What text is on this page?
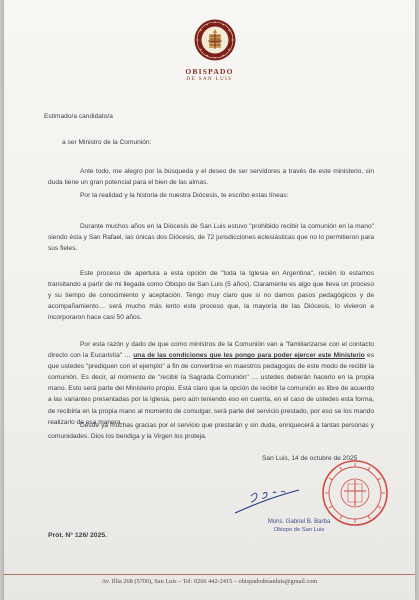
OBISPADO
DE SAN LUIS
Estimado/a candidato/a
a ser Ministro de la Comunión:
Ante todo, me alegro por la búsqueda y el deseo de ser servidores a través de este ministerio, sin duda tiene un gran potencial para el bien de las almas.
Por la realidad y la historia de nuestra Diócesis, te escribo estas líneas:
Durante muchos años en la Diócesis de San Luis estuvo "prohibido recibir la comunión en la mano" siendo ésta y San Rafael, las únicas dos Diócesis, de 72 jurisdicciones eclesiásticas que no lo permitieron para sus fieles.
Este proceso de apertura a esta opción de "toda la Iglesia en Argentina", recién lo estamos transitando a partir de mi llegada como Obispo de San Luis (5 años). Claramente es algo que lleva un proceso y su tiempo de conocimiento y aceptación. Tengo muy claro que si no damos pasos pedagógicos y de acompañamiento… será mucho más lento este proceso que, la mayoría de las Diócesis, lo vivieron e incorporaron hace casi 50 años.
Por esta razón y dado de que como ministros de la Comunión van a "familiarizarse con el contacto directo con la Eucaristía" … una de las condiciones que les pongo para poder ejercer este Ministerio es que ustedes "prediquen con el ejemplo" a fin de convertirse en maestros pedagogos de este modo de recibir la comunión. Es decir, al momento de "recibir la Sagrada Comunión" … ustedes deberán hacerlo en la propia mano. Esto será parte del Ministerio propio. Está claro que la opción de recibir la comunión es libre de acuerdo a las variantes presentadas por la Iglesia, pero aún teniendo eso en cuenta, en el caso de ustedes esta forma, de recibirla en la propia mano al momento de comulgar, será parte del servicio prestado, por eso se los mando realizarlo de esa manera.
Desde ya muchas gracias por el servicio que prestarán y sin duda, enriquecerá a tantas personas y comunidades. Dios los bendiga y la Virgen los proteja.
San Luis, 14 de octubre de 2025
Mons. Gabriel B. Barba
Obispo de San Luis
Prót. N° 126/ 2025.
Av. Illia 268 (5700), San Luis – Tel: 0266 442-2415 – obispadodesanluis@gmail.com
